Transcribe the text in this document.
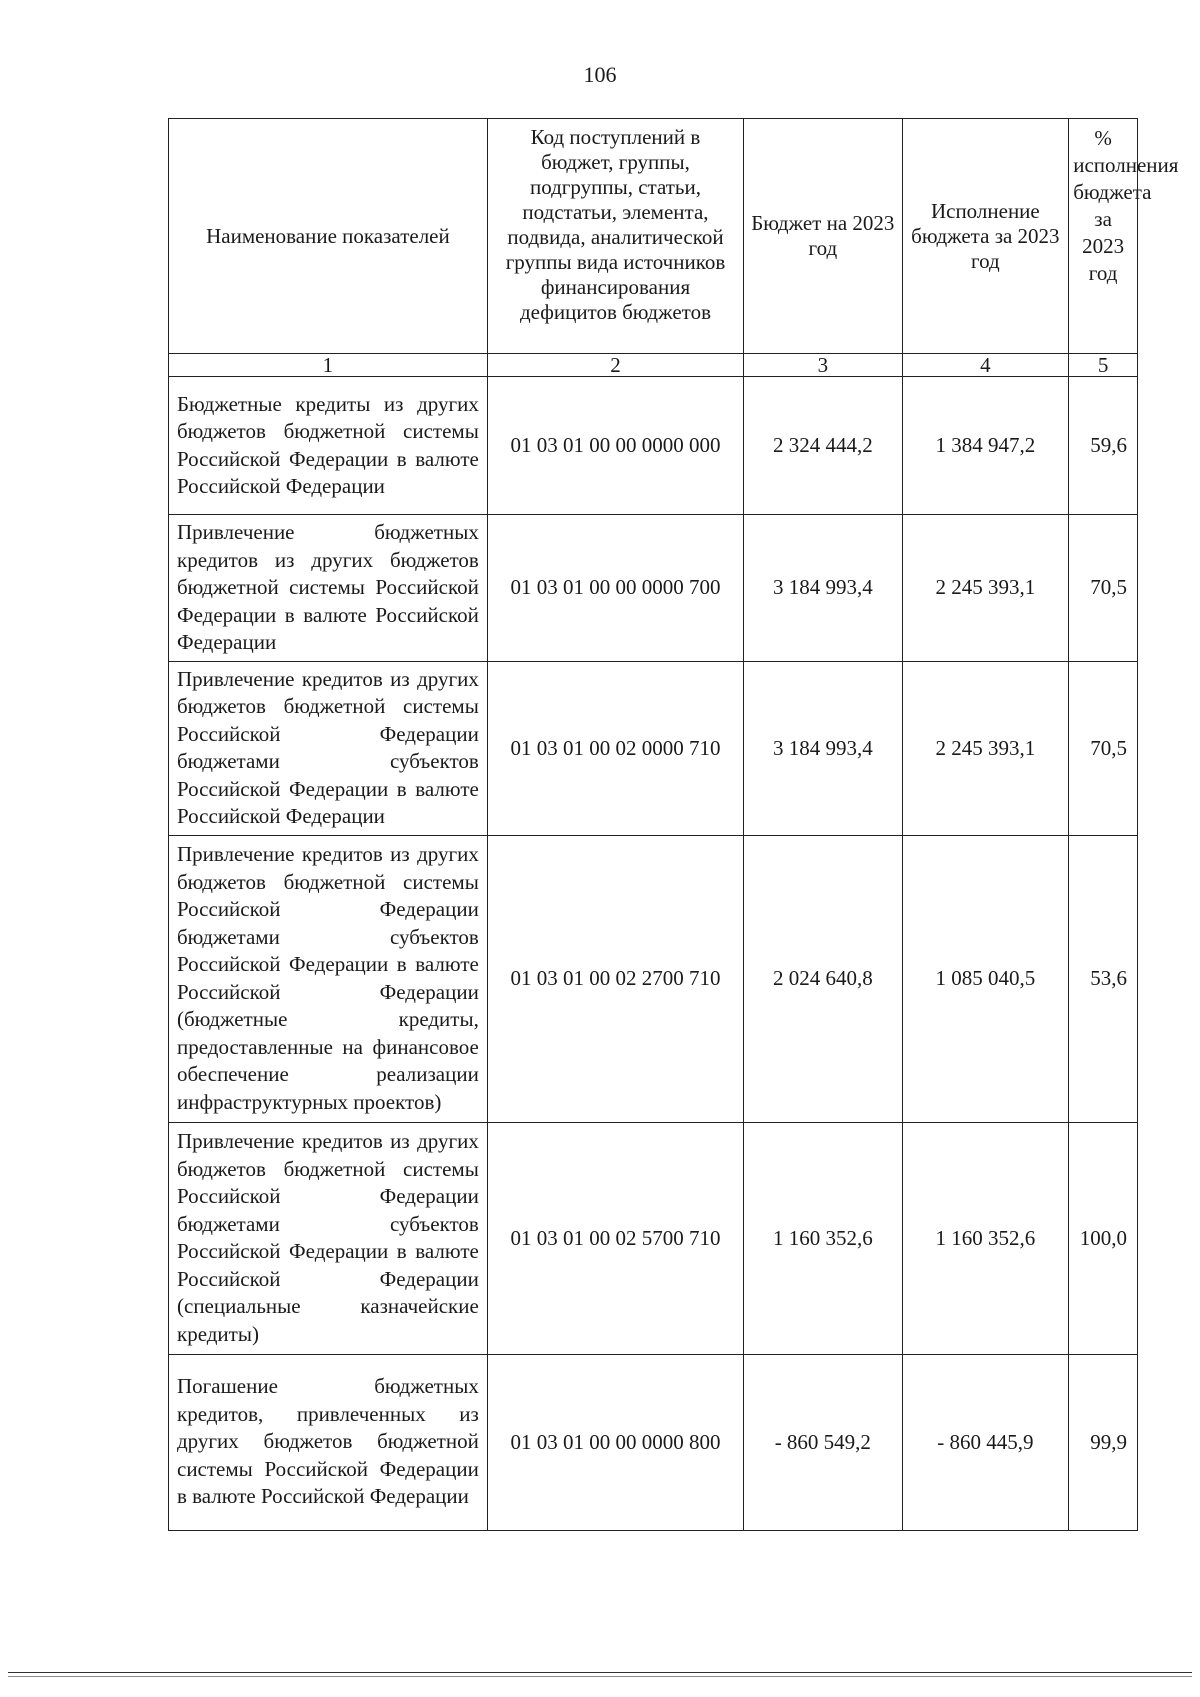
106
Наименование показателей	Код поступлений в бюджет, группы, подгруппы, статьи, подстатьи, элемента, подвида, аналитической группы вида источников финансирования дефицитов бюджетов	Бюджет на 2023 год	Исполнение бюджета за 2023 год	% исполнения бюджета за 2023 год
1	2	3	4	5
Бюджетные кредиты из других бюджетов бюджетной системы Российской Федерации в валюте Российской Федерации	01 03 01 00 00 0000 000	2 324 444,2	1 384 947,2	59,6
Привлечение бюджетных кредитов из других бюджетов бюджетной системы Российской Федерации в валюте Российской Федерации	01 03 01 00 00 0000 700	3 184 993,4	2 245 393,1	70,5
Привлечение кредитов из других бюджетов бюджетной системы Российской Федерации бюджетами субъектов Российской Федерации в валюте Российской Федерации	01 03 01 00 02 0000 710	3 184 993,4	2 245 393,1	70,5
Привлечение кредитов из других бюджетов бюджетной системы Российской Федерации бюджетами субъектов Российской Федерации в валюте Российской Федерации (бюджетные кредиты, предоставленные на финансовое обеспечение реализации инфраструктурных проектов)	01 03 01 00 02 2700 710	2 024 640,8	1 085 040,5	53,6
Привлечение кредитов из других бюджетов бюджетной системы Российской Федерации бюджетами субъектов Российской Федерации в валюте Российской Федерации (специальные казначейские кредиты)	01 03 01 00 02 5700 710	1 160 352,6	1 160 352,6	100,0
Погашение бюджетных кредитов, привлеченных из других бюджетов бюджетной системы Российской Федерации в валюте Российской Федерации	01 03 01 00 00 0000 800	- 860 549,2	- 860 445,9	99,9
